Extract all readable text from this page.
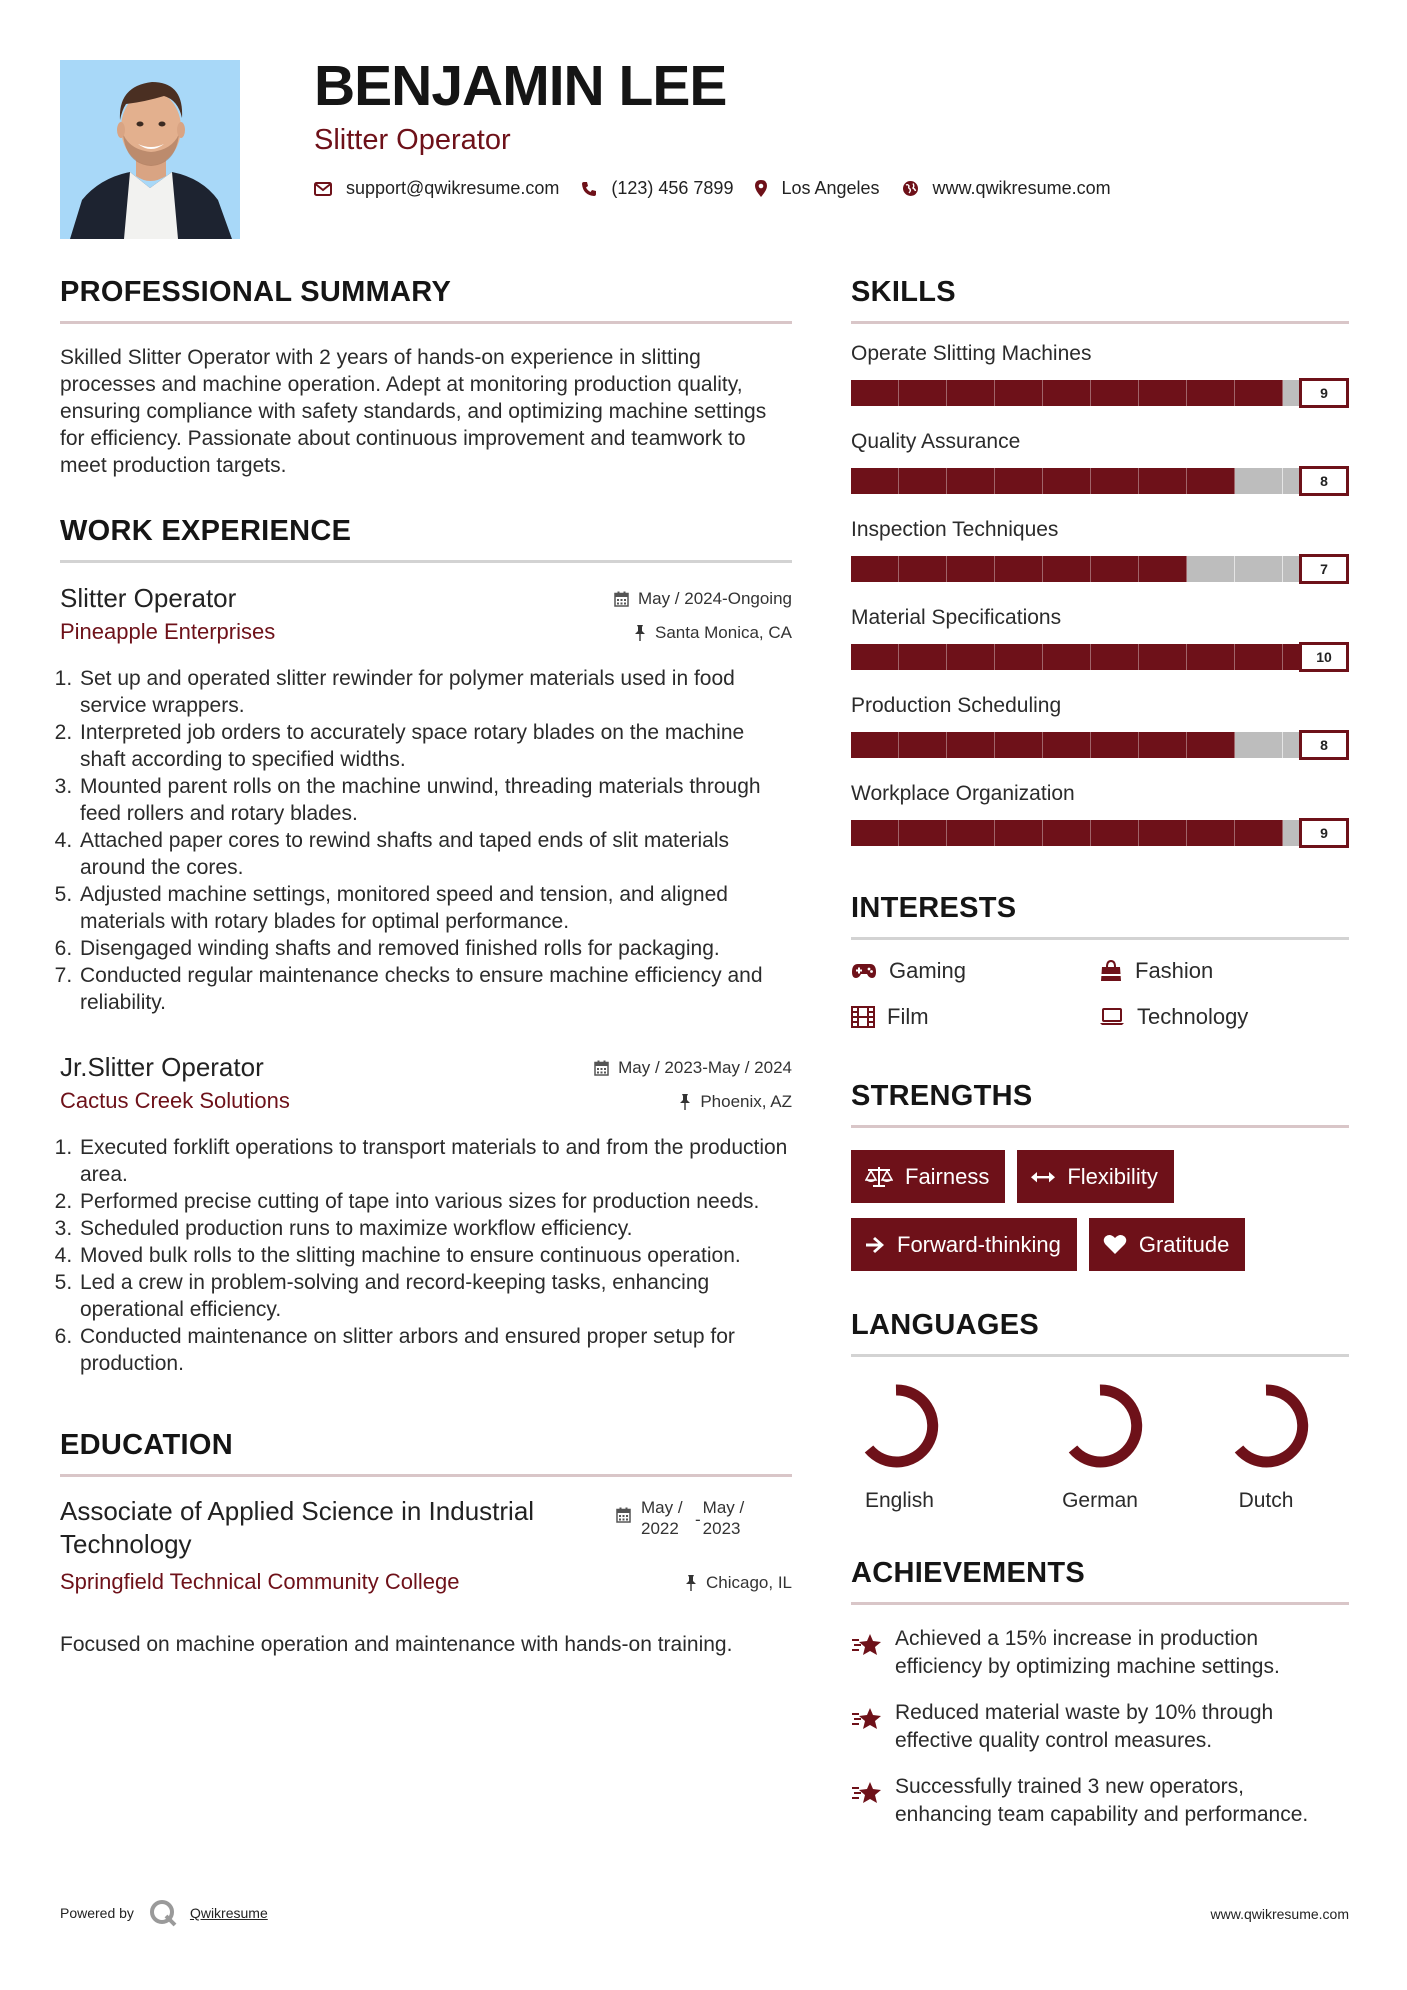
BENJAMIN LEE
Slitter Operator
support@qwikresume.com	(123) 456 7899	Los Angeles	www.qwikresume.com
PROFESSIONAL SUMMARY

Skilled Slitter Operator with 2 years of hands-on experience in slitting processes and machine operation. Adept at monitoring production quality, ensuring compliance with safety standards, and optimizing machine settings for efficiency. Passionate about continuous improvement and teamwork to meet production targets.

WORK EXPERIENCE
Slitter Operator
Pineapple Enterprises
May / 2024-Ongoing
Santa Monica, CA
1. Set up and operated slitter rewinder for polymer materials used in food service wrappers.
2. Interpreted job orders to accurately space rotary blades on the machine shaft according to specified widths.
3. Mounted parent rolls on the machine unwind, threading materials through feed rollers and rotary blades.
4. Attached paper cores to rewind shafts and taped ends of slit materials around the cores.
5. Adjusted machine settings, monitored speed and tension, and aligned materials with rotary blades for optimal performance.
6. Disengaged winding shafts and removed finished rolls for packaging.
7. Conducted regular maintenance checks to ensure machine efficiency and reliability.
Jr.Slitter Operator
Cactus Creek Solutions
May / 2023-May / 2024
Phoenix, AZ
1. Executed forklift operations to transport materials to and from the production area.
2. Performed precise cutting of tape into various sizes for production needs.
3. Scheduled production runs to maximize workflow efficiency.
4. Moved bulk rolls to the slitting machine to ensure continuous operation.
5. Led a crew in problem-solving and record-keeping tasks, enhancing operational efficiency.
6. Conducted maintenance on slitter arbors and ensured proper setup for production.
EDUCATION
Associate of Applied Science in Industrial Technology
Springfield Technical Community College
May /
2022 -
May /
2023
Chicago, IL

Focused on machine operation and maintenance with hands-on training.

SKILLS
Operate Slitting Machines
9
Quality Assurance
8
Inspection Techniques
7
Material Specifications
10
Production Scheduling
8
Workplace Organization
9
INTERESTS
Gaming	Fashion
Film	Technology
STRENGTHS
Fairness	Flexibility
Forward-thinking	Gratitude
LANGUAGES
English	German	Dutch
ACHIEVEMENTS
Achieved a 15% increase in production efficiency by optimizing machine settings.
Reduced material waste by 10% through effective quality control measures.
Successfully trained 3 new operators, enhancing team capability and performance.
Powered by	Qwikresume	www.qwikresume.com
